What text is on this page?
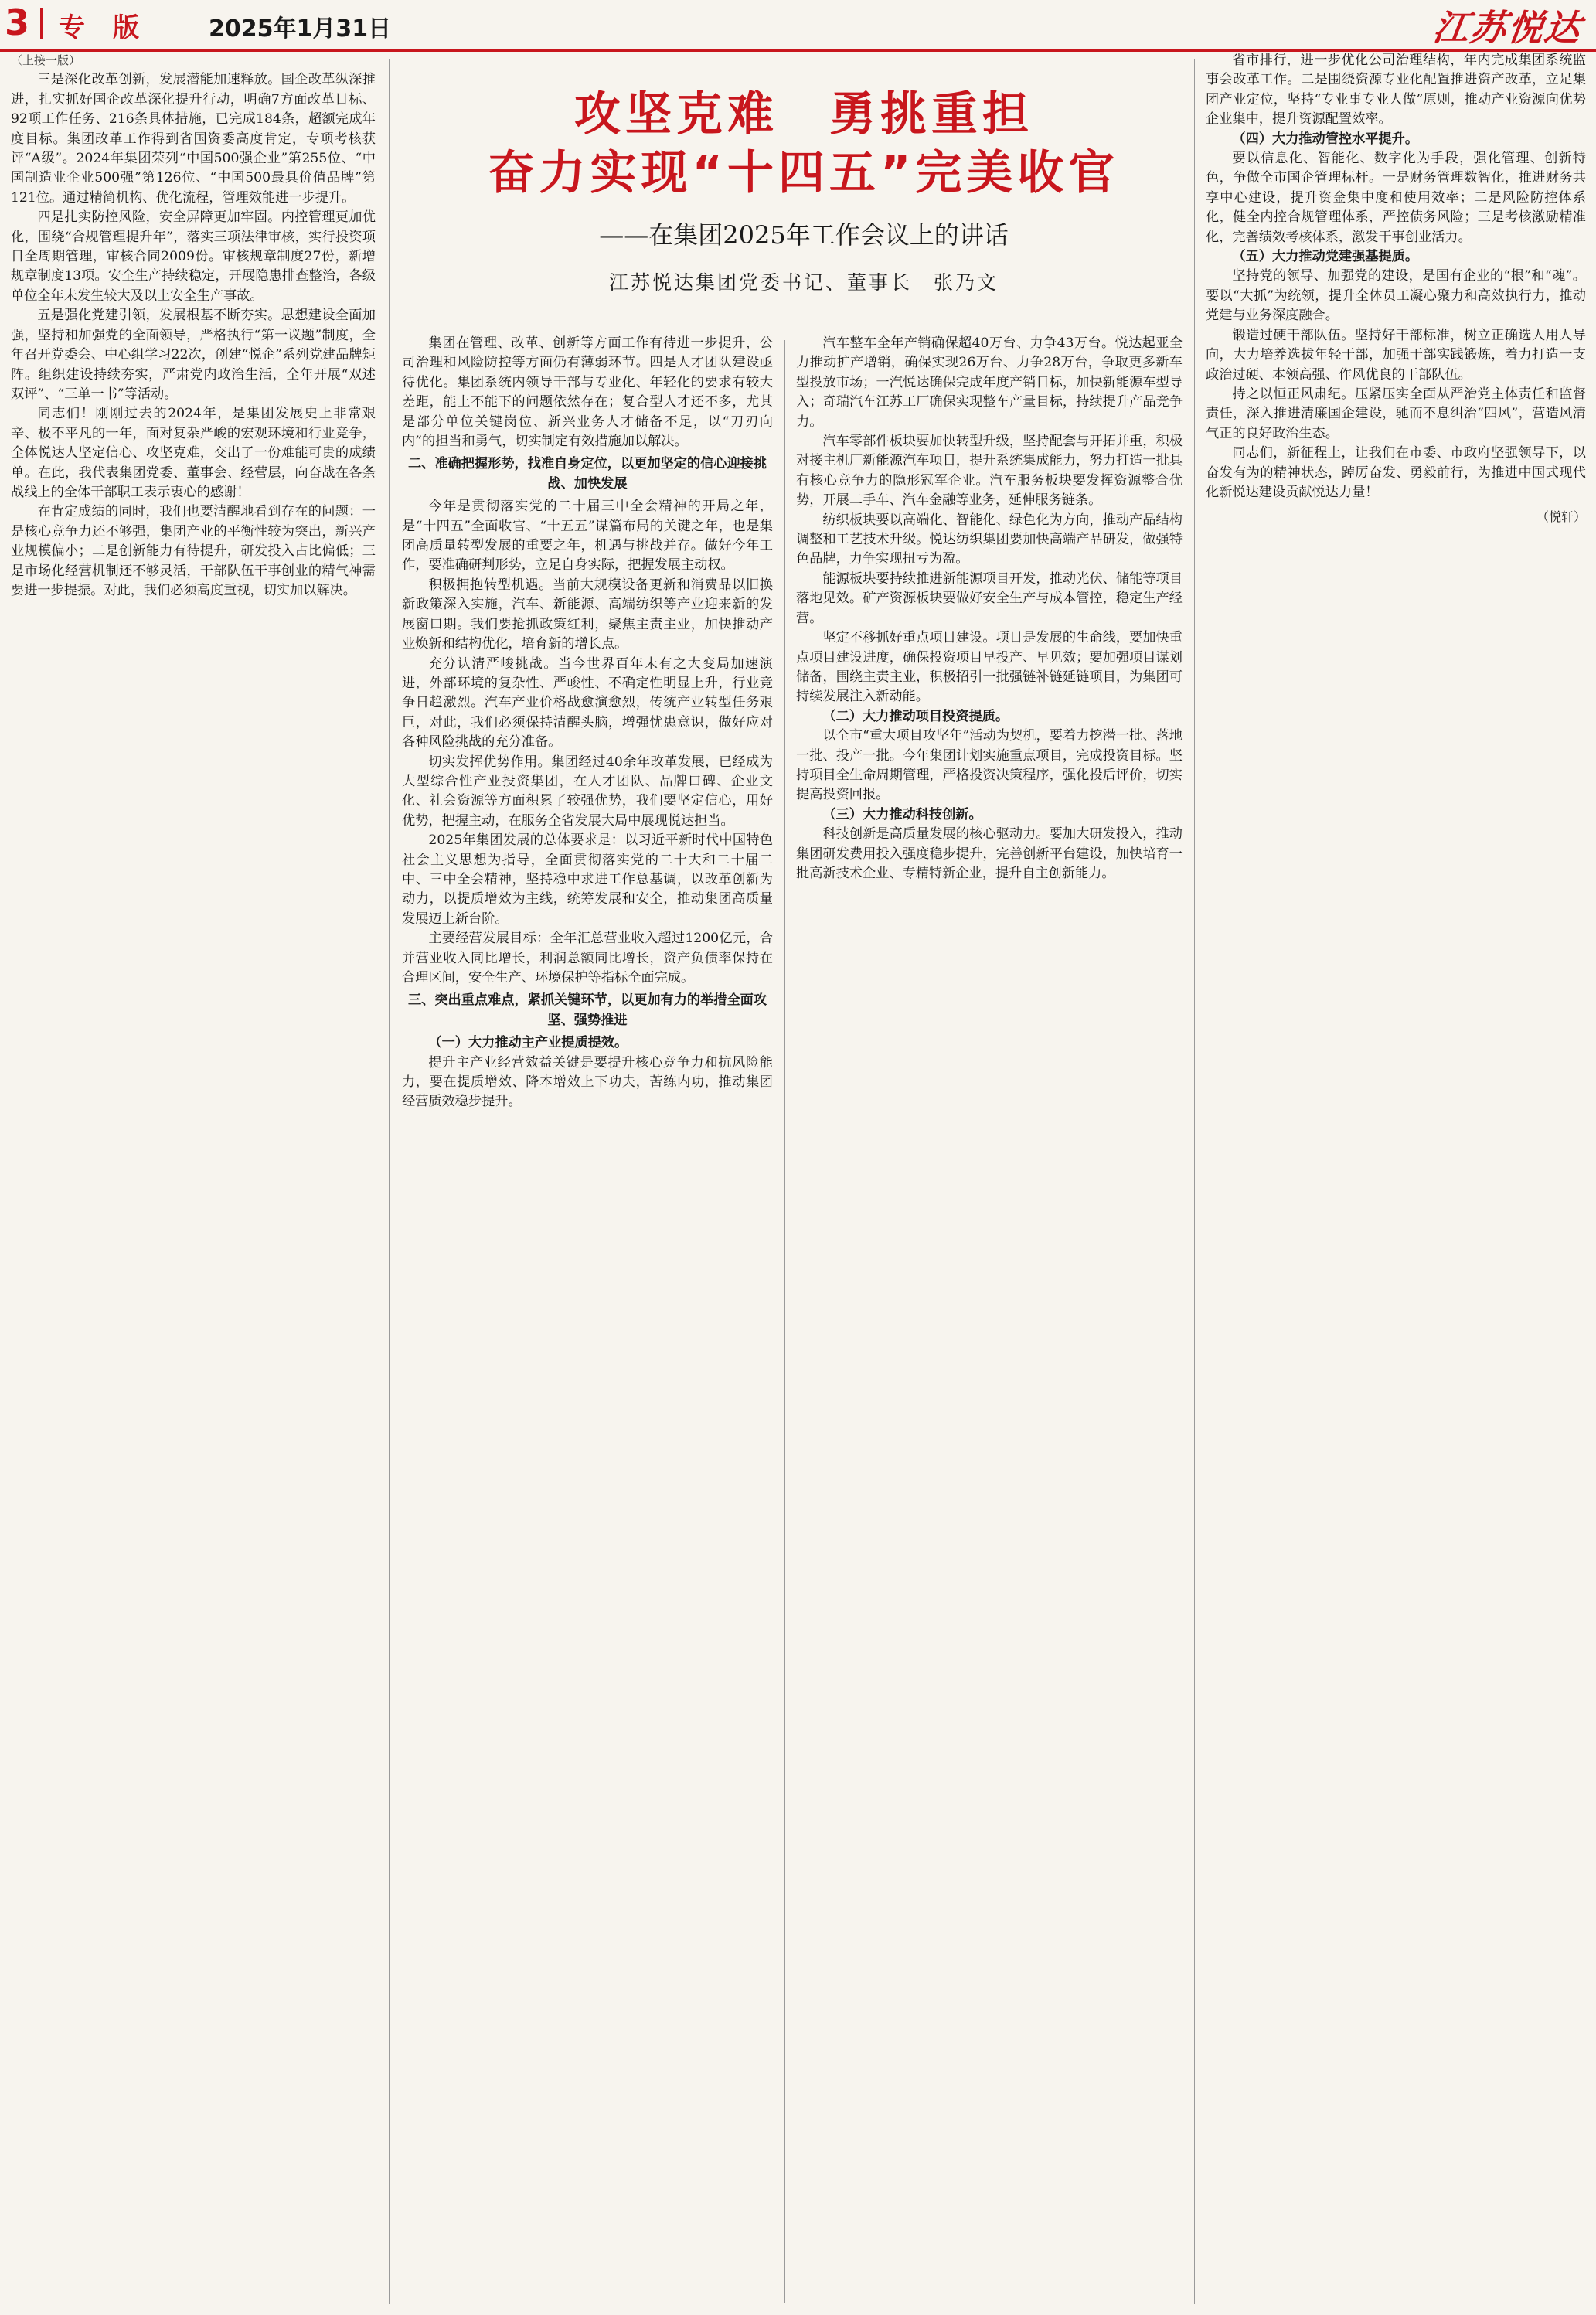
3 专版 2025年1月31日	江苏悦达
攻坚克难　勇挑重担
奋力实现“十四五”完美收官
——在集团2025年工作会议上的讲话
江苏悦达集团党委书记、董事长　张乃文

（上接一版）

三是深化改革创新，发展潜能加速释放。国企改革纵深推进，扎实抓好国企改革深化提升行动，明确7方面改革目标、92项工作任务、216条具体措施，已完成184条，超额完成年度目标。集团改革工作得到省国资委高度肯定，专项考核获评“A级”。2024年集团荣列“中国500强企业”第255位、“中国制造业企业500强”第126位、“中国500最具价值品牌”第121位。通过精简机构、优化流程，管理效能进一步提升。

四是扎实防控风险，安全屏障更加牢固。内控管理更加优化，围绕“合规管理提升年”，落实三项法律审核，实行投资项目全周期管理，审核合同2009份。审核规章制度27份，新增规章制度13项。安全生产持续稳定，开展隐患排查整治，各级单位全年未发生较大及以上安全生产事故。

五是强化党建引领，发展根基不断夯实。思想建设全面加强，坚持和加强党的全面领导，严格执行“第一议题”制度，全年召开党委会、中心组学习22次，创建“悦企”系列党建品牌矩阵。组织建设持续夯实，严肃党内政治生活，全年开展“双述双评”、“三单一书”等活动。

同志们！刚刚过去的2024年，是集团发展史上非常艰辛、极不平凡的一年，面对复杂严峻的宏观环境和行业竞争，全体悦达人坚定信心、攻坚克难，交出了一份难能可贵的成绩单。在此，我代表集团党委、董事会、经营层，向奋战在各条战线上的全体干部职工表示衷心的感谢！

在肯定成绩的同时，我们也要清醒地看到存在的问题：一是核心竞争力还不够强，集团产业的平衡性较为突出，新兴产业规模偏小；二是创新能力有待提升，研发投入占比偏低；三是市场化经营机制还不够灵活，干部队伍干事创业的精气神需要进一步提振。对此，我们必须高度重视，切实加以解决。

集团在管理、改革、创新等方面工作有待进一步提升，公司治理和风险防控等方面仍有薄弱环节。四是人才团队建设亟待优化。集团系统内领导干部与专业化、年轻化的要求有较大差距，能上不能下的问题依然存在；复合型人才还不多，尤其是部分单位关键岗位、新兴业务人才储备不足，以“刀刃向内”的担当和勇气，切实制定有效措施加以解决。

二、准确把握形势，找准自身定位，以更加坚定的信心迎接挑战、加快发展

今年是贯彻落实党的二十届三中全会精神的开局之年，是“十四五”全面收官、“十五五”谋篇布局的关键之年，也是集团高质量转型发展的重要之年，机遇与挑战并存。做好今年工作，要准确研判形势，立足自身实际，把握发展主动权。

积极拥抱转型机遇。当前大规模设备更新和消费品以旧换新政策深入实施，汽车、新能源、高端纺织等产业迎来新的发展窗口期。我们要抢抓政策红利，聚焦主责主业，加快推动产业焕新和结构优化，培育新的增长点。

充分认清严峻挑战。当今世界百年未有之大变局加速演进，外部环境的复杂性、严峻性、不确定性明显上升，行业竞争日趋激烈。汽车产业价格战愈演愈烈，传统产业转型任务艰巨，对此，我们必须保持清醒头脑，增强忧患意识，做好应对各种风险挑战的充分准备。

切实发挥优势作用。集团经过40余年改革发展，已经成为大型综合性产业投资集团，在人才团队、品牌口碑、企业文化、社会资源等方面积累了较强优势，我们要坚定信心，用好优势，把握主动，在服务全省发展大局中展现悦达担当。

2025年集团发展的总体要求是：以习近平新时代中国特色社会主义思想为指导，全面贯彻落实党的二十大和二十届二中、三中全会精神，坚持稳中求进工作总基调，以改革创新为动力，以提质增效为主线，统筹发展和安全，推动集团高质量发展迈上新台阶。

主要经营发展目标：全年汇总营业收入超过1200亿元，合并营业收入同比增长，利润总额同比增长，资产负债率保持在合理区间，安全生产、环境保护等指标全面完成。

三、突出重点难点，紧抓关键环节，以更加有力的举措全面攻坚、强势推进

（一）大力推动主产业提质提效。

提升主产业经营效益关键是要提升核心竞争力和抗风险能力，要在提质增效、降本增效上下功夫，苦练内功，推动集团经营质效稳步提升。

汽车整车全年产销确保超40万台、力争43万台。悦达起亚全力推动扩产增销，确保实现26万台、力争28万台，争取更多新车型投放市场；一汽悦达确保完成年度产销目标，加快新能源车型导入；奇瑞汽车江苏工厂确保实现整车产量目标，持续提升产品竞争力。

汽车零部件板块要加快转型升级，坚持配套与开拓并重，积极对接主机厂新能源汽车项目，提升系统集成能力，努力打造一批具有核心竞争力的隐形冠军企业。汽车服务板块要发挥资源整合优势，开展二手车、汽车金融等业务，延伸服务链条。

纺织板块要以高端化、智能化、绿色化为方向，推动产品结构调整和工艺技术升级。悦达纺织集团要加快高端产品研发，做强特色品牌，力争实现扭亏为盈。

能源板块要持续推进新能源项目开发，推动光伏、储能等项目落地见效。矿产资源板块要做好安全生产与成本管控，稳定生产经营。

坚定不移抓好重点项目建设。项目是发展的生命线，要加快重点项目建设进度，确保投资项目早投产、早见效；要加强项目谋划储备，围绕主责主业，积极招引一批强链补链延链项目，为集团可持续发展注入新动能。

（二）大力推动项目投资提质。

以全市“重大项目攻坚年”活动为契机，要着力挖潜一批、落地一批、投产一批。今年集团计划实施重点项目，完成投资目标。坚持项目全生命周期管理，严格投资决策程序，强化投后评价，切实提高投资回报。

（三）大力推动科技创新。

科技创新是高质量发展的核心驱动力。要加大研发投入，推动集团研发费用投入强度稳步提升，完善创新平台建设，加快培育一批高新技术企业、专精特新企业，提升自主创新能力。

省市排行，进一步优化公司治理结构，年内完成集团系统监事会改革工作。二是围绕资源专业化配置推进资产改革，立足集团产业定位，坚持“专业事专业人做”原则，推动产业资源向优势企业集中，提升资源配置效率。

（四）大力推动管控水平提升。

要以信息化、智能化、数字化为手段，强化管理、创新特色，争做全市国企管理标杆。一是财务管理数智化，推进财务共享中心建设，提升资金集中度和使用效率；二是风险防控体系化，健全内控合规管理体系，严控债务风险；三是考核激励精准化，完善绩效考核体系，激发干事创业活力。

（五）大力推动党建强基提质。

坚持党的领导、加强党的建设，是国有企业的“根”和“魂”。要以“大抓”为统领，提升全体员工凝心聚力和高效执行力，推动党建与业务深度融合。

锻造过硬干部队伍。坚持好干部标准，树立正确选人用人导向，大力培养选拔年轻干部，加强干部实践锻炼，着力打造一支政治过硬、本领高强、作风优良的干部队伍。

持之以恒正风肃纪。压紧压实全面从严治党主体责任和监督责任，深入推进清廉国企建设，驰而不息纠治“四风”，营造风清气正的良好政治生态。

同志们，新征程上，让我们在市委、市政府坚强领导下，以奋发有为的精神状态，踔厉奋发、勇毅前行，为推进中国式现代化新悦达建设贡献悦达力量！

（悦轩）
